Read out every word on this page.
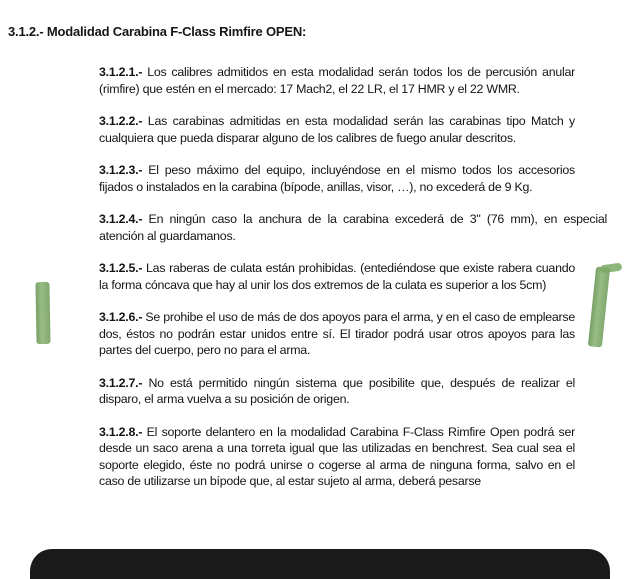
3.1.2.- Modalidad Carabina F-Class Rimfire OPEN:

3.1.2.1.- Los calibres admitidos en esta modalidad serán todos los de percusión anular (rimfire) que estén en el mercado: 17 Mach2, el 22 LR, el 17 HMR y el 22 WMR.

3.1.2.2.- Las carabinas admitidas en esta modalidad serán las carabinas tipo Match y cualquiera que pueda disparar alguno de los calibres de fuego anular descritos.

3.1.2.3.- El peso máximo del equipo, incluyéndose en el mismo todos los accesorios fijados o instalados en la carabina (bípode, anillas, visor, …), no excederá de 9 Kg.

3.1.2.4.- En ningún caso la anchura de la carabina excederá de 3" (76 mm), en especial atención al guardamanos.

3.1.2.5.- Las raberas de culata están prohibidas. (entediéndose que existe rabera cuando la forma cóncava que hay al unir los dos extremos de la culata es superior a los 5cm)

3.1.2.6.- Se prohibe el uso de más de dos apoyos para el arma, y en el caso de emplearse dos, éstos no podrán estar unidos entre sí. El tirador podrá usar otros apoyos para las partes del cuerpo, pero no para el arma.

3.1.2.7.- No está permitido ningún sistema que posibilite que, después de realizar el disparo, el arma vuelva a su posición de origen.

3.1.2.8.- El soporte delantero en la modalidad Carabina F-Class Rimfire Open podrá ser desde un saco arena a una torreta igual que las utilizadas en benchrest. Sea cual sea el soporte elegido, éste no podrá unirse o cogerse al arma de ninguna forma, salvo en el caso de utilizarse un bípode que, al estar sujeto al arma, deberá pesarse
